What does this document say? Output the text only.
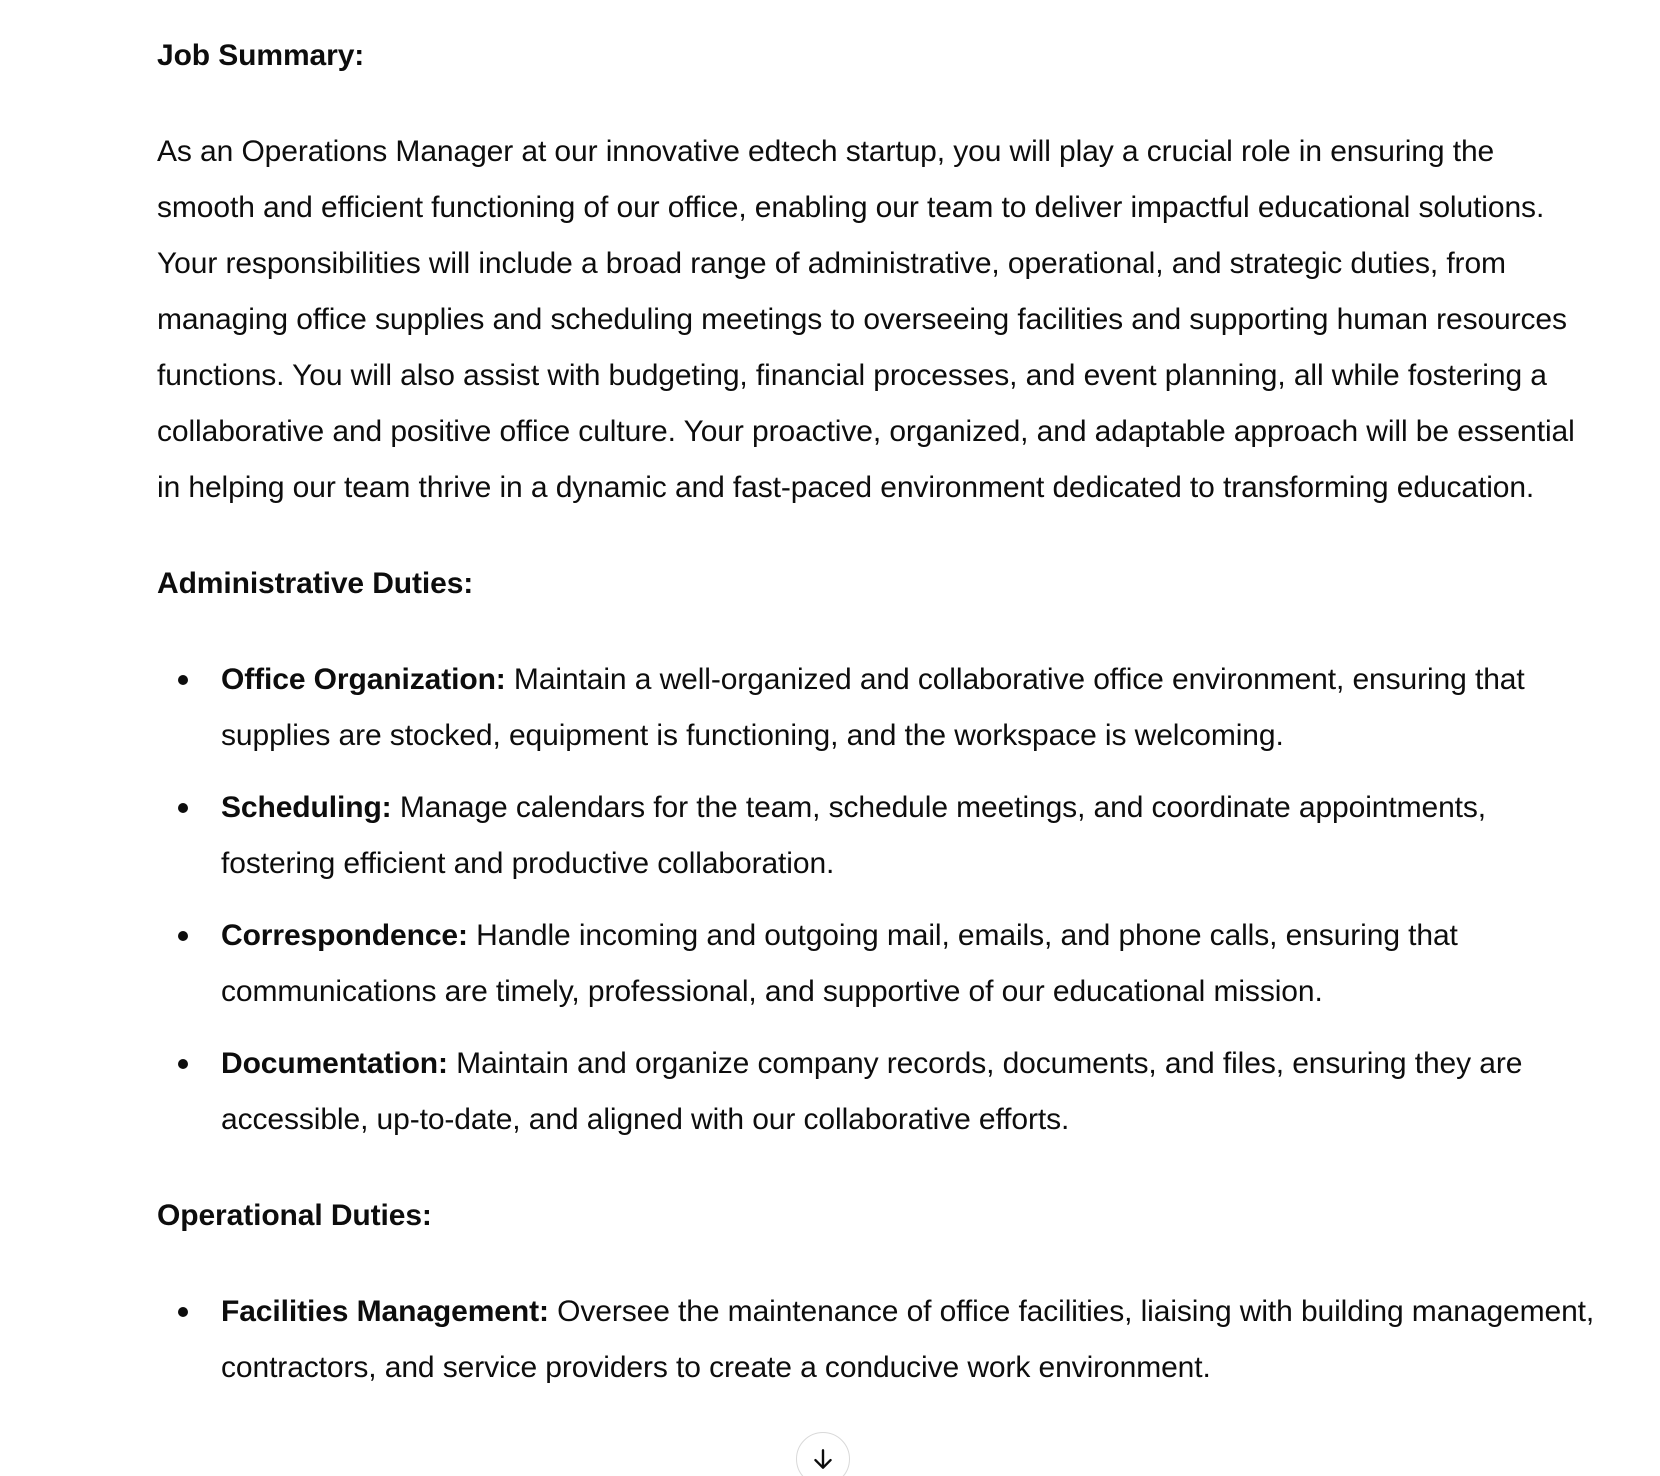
Job Summary:

As an Operations Manager at our innovative edtech startup, you will play a crucial role in ensuring the smooth and efficient functioning of our office, enabling our team to deliver impactful educational solutions. Your responsibilities will include a broad range of administrative, operational, and strategic duties, from managing office supplies and scheduling meetings to overseeing facilities and supporting human resources functions. You will also assist with budgeting, financial processes, and event planning, all while fostering a collaborative and positive office culture. Your proactive, organized, and adaptable approach will be essential in helping our team thrive in a dynamic and fast-paced environment dedicated to transforming education.

Administrative Duties:
Office Organization: Maintain a well-organized and collaborative office environment, ensuring that supplies are stocked, equipment is functioning, and the workspace is welcoming.
Scheduling: Manage calendars for the team, schedule meetings, and coordinate appointments, fostering efficient and productive collaboration.
Correspondence: Handle incoming and outgoing mail, emails, and phone calls, ensuring that communications are timely, professional, and supportive of our educational mission.
Documentation: Maintain and organize company records, documents, and files, ensuring they are accessible, up-to-date, and aligned with our collaborative efforts.
Operational Duties:
Facilities Management: Oversee the maintenance of office facilities, liaising with building management, contractors, and service providers to create a conducive work environment.
